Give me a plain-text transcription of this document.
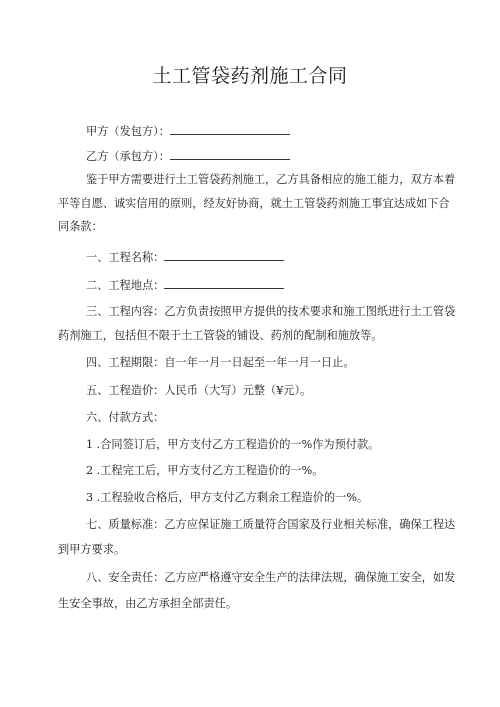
土工管袋药剂施工合同
甲方（发包方）：
乙方（承包方）：
鉴于甲方需要进行土工管袋药剂施工，乙方具备相应的施工能力，双方本着
平等自愿、诚实信用的原则，经友好协商，就土工管袋药剂施工事宜达成如下合
同条款：
一、工程名称：
二、工程地点：
三、工程内容：乙方负责按照甲方提供的技术要求和施工图纸进行土工管袋
药剂施工，包括但不限于土工管袋的铺设、药剂的配制和施放等。
四、工程期限：自一年一月一日起至一年一月一日止。
五、工程造价：人民币（大写）元整（¥元）。
六、付款方式：
1 .合同签订后，甲方支付乙方工程造价的一%作为预付款。
2 .工程完工后，甲方支付乙方工程造价的一%。
3 .工程验收合格后，甲方支付乙方剩余工程造价的一%。
七、质量标准：乙方应保证施工质量符合国家及行业相关标准，确保工程达
到甲方要求。
八、安全责任：乙方应严格遵守安全生产的法律法规，确保施工安全，如发
生安全事故，由乙方承担全部责任。
